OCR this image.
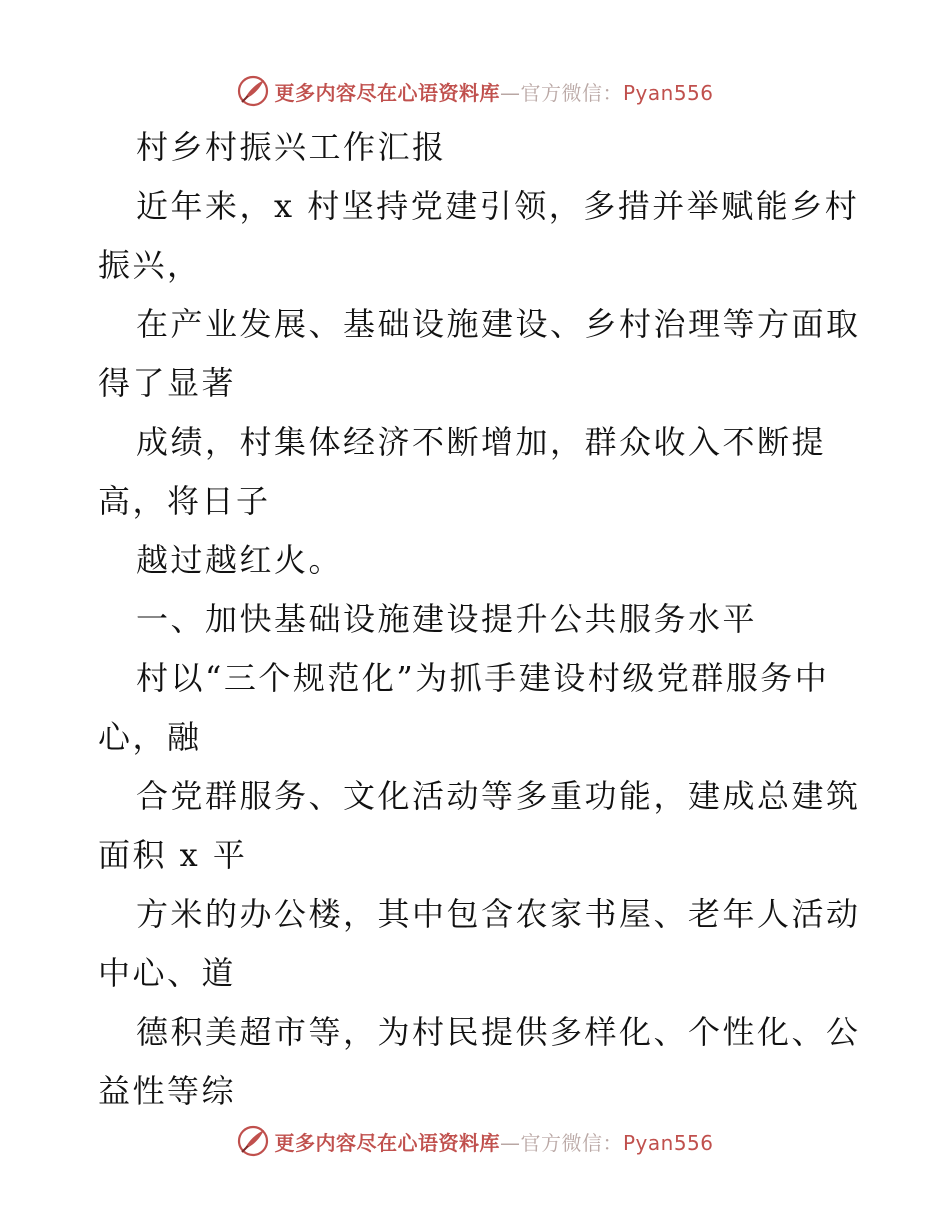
更多内容尽在心语资料库—官方微信：Pyan556
村乡村振兴工作汇报
近年来，x 村坚持党建引领，多措并举赋能乡村
振兴，
在产业发展、基础设施建设、乡村治理等方面取
得了显著
成绩，村集体经济不断增加，群众收入不断提
高，将日子
越过越红火。
一、加快基础设施建设提升公共服务水平
村以“三个规范化”为抓手建设村级党群服务中
心，融
合党群服务、文化活动等多重功能，建成总建筑
面积 x 平
方米的办公楼，其中包含农家书屋、老年人活动
中心、道
德积美超市等，为村民提供多样化、个性化、公
益性等综
更多内容尽在心语资料库—官方微信：Pyan556
